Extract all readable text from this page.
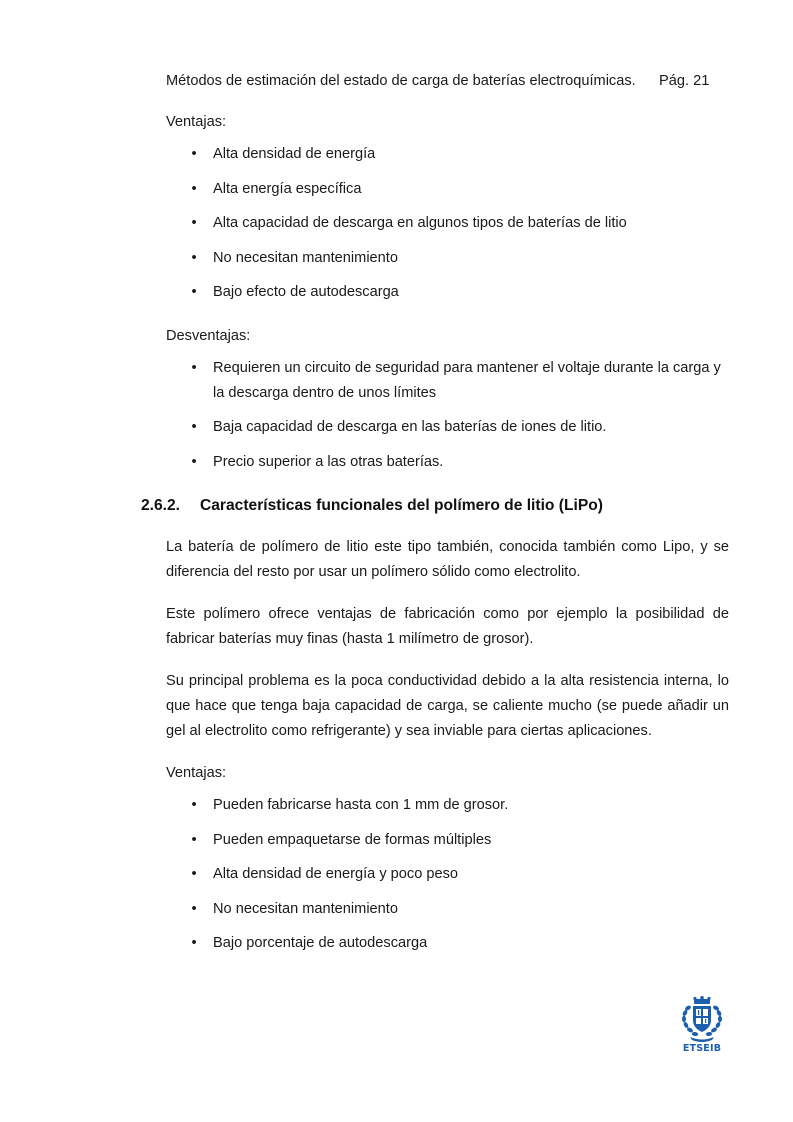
Métodos de estimación del estado de carga de baterías electroquímicas. Pág. 21
Ventajas:
• Alta densidad de energía
• Alta energía específica
• Alta capacidad de descarga en algunos tipos de baterías de litio
• No necesitan mantenimiento
• Bajo efecto de autodescarga
Desventajas:
• Requieren un circuito de seguridad para mantener el voltaje durante la carga y la descarga dentro de unos límites
• Baja capacidad de descarga en las baterías de iones de litio.
• Precio superior a las otras baterías.
2.6.2. Características funcionales del polímero de litio (LiPo)

La batería de polímero de litio este tipo también, conocida también como Lipo, y se diferencia del resto por usar un polímero sólido como electrolito.

Este polímero ofrece ventajas de fabricación como por ejemplo la posibilidad de fabricar baterías muy finas (hasta 1 milímetro de grosor).

Su principal problema es la poca conductividad debido a la alta resistencia interna, lo que hace que tenga baja capacidad de carga, se caliente mucho (se puede añadir un gel al electrolito como refrigerante) y sea inviable para ciertas aplicaciones.

Ventajas:
• Pueden fabricarse hasta con 1 mm de grosor.
• Pueden empaquetarse de formas múltiples
• Alta densidad de energía y poco peso
• No necesitan mantenimiento
• Bajo porcentaje de autodescarga
ETSEIB
